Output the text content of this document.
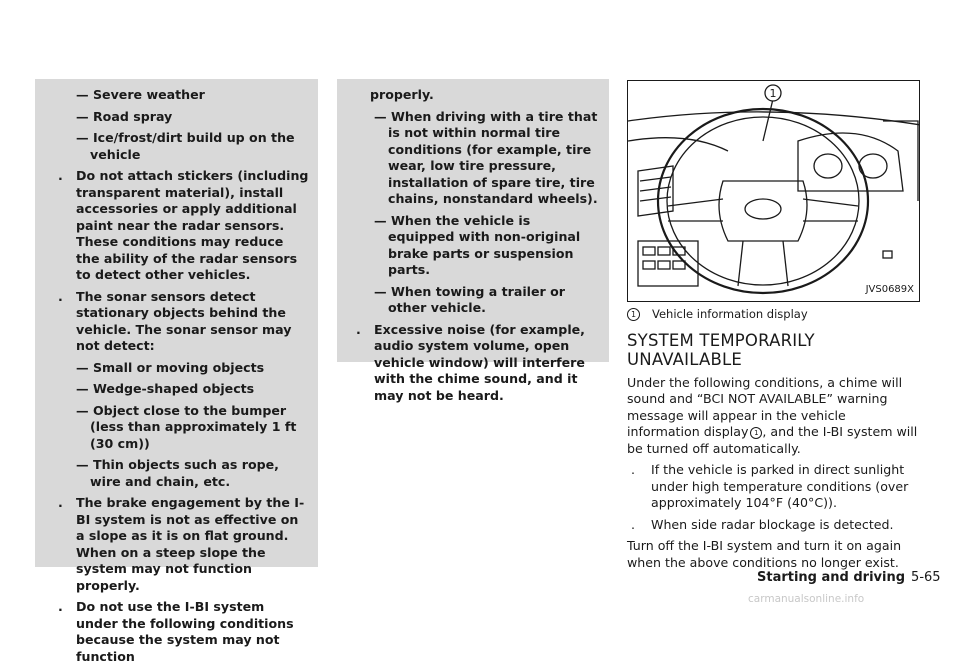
— Severe weather
— Road spray
— Ice/frost/dirt build up on the vehicle
. Do not attach stickers (including transparent material), install accessories or apply additional paint near the radar sensors. These conditions may reduce the ability of the radar sensors to detect other vehicles.
. The sonar sensors detect stationary objects behind the vehicle. The sonar sensor may not detect:
— Small or moving objects
— Wedge-shaped objects
— Object close to the bumper (less than approximately 1 ft (30 cm))
— Thin objects such as rope, wire and chain, etc.
. The brake engagement by the I-BI system is not as effective on a slope as it is on flat ground. When on a steep slope the system may not function properly.
. Do not use the I-BI system under the following conditions because the system may not function
properly.
— When driving with a tire that is not within normal tire conditions (for example, tire wear, low tire pressure, installation of spare tire, tire chains, nonstandard wheels).
— When the vehicle is equipped with non-original brake parts or suspension parts.
— When towing a trailer or other vehicle.
. Excessive noise (for example, audio system volume, open vehicle window) will interfere with the chime sound, and it may not be heard.
1
JVS0689X
1	Vehicle information display
SYSTEM TEMPORARILY UNAVAILABLE
Under the following conditions, a chime will sound and “BCI NOT AVAILABLE” warning message will appear in the vehicle information display 1 , and the I-BI system will be turned off automatically.
. If the vehicle is parked in direct sunlight under high temperature conditions (over approximately 104°F (40°C)).
. When side radar blockage is detected.
Turn off the I-BI system and turn it on again when the above conditions no longer exist.
Starting and driving 5-65
carmanualsonline.info
